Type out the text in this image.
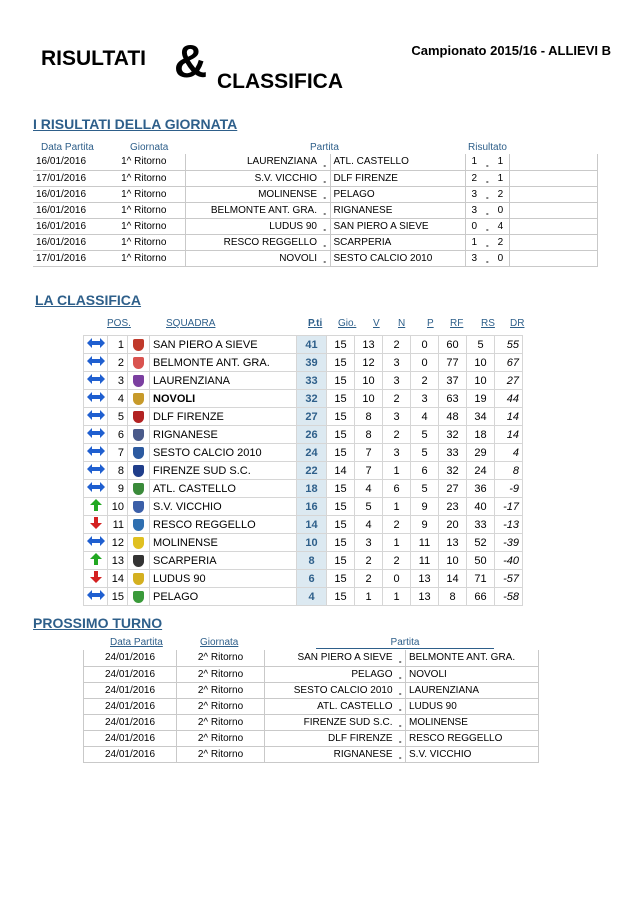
RISULTATI & CLASSIFICA
Campionato 2015/16 - ALLIEVI B
I RISULTATI DELLA GIORNATA
Data Partita	Giornata	Partita	Risultato
16/01/2016	1^ Ritorno	LAURENZIANA	-	ATL. CASTELLO	1	-	1	
17/01/2016	1^ Ritorno	S.V. VICCHIO	-	DLF FIRENZE	2	-	1	
16/01/2016	1^ Ritorno	MOLINENSE	-	PELAGO	3	-	2	
16/01/2016	1^ Ritorno	BELMONTE ANT. GRA.	-	RIGNANESE	3	-	0	
16/01/2016	1^ Ritorno	LUDUS 90	-	SAN PIERO A SIEVE	0	-	4	
16/01/2016	1^ Ritorno	RESCO REGGELLO	-	SCARPERIA	1	-	2	
17/01/2016	1^ Ritorno	NOVOLI	-	SESTO CALCIO 2010	3	-	0	
LA CLASSIFICA
POS.	SQUADRA	P.ti Gio. V N P RF RS DR
	1		SAN PIERO A SIEVE	41	15	13	2	0	60	5	55
	2		BELMONTE ANT. GRA.	39	15	12	3	0	77	10	67
	3		LAURENZIANA	33	15	10	3	2	37	10	27
	4		NOVOLI	32	15	10	2	3	63	19	44
	5		DLF FIRENZE	27	15	8	3	4	48	34	14
	6		RIGNANESE	26	15	8	2	5	32	18	14
	7		SESTO CALCIO 2010	24	15	7	3	5	33	29	4
	8		FIRENZE SUD S.C.	22	14	7	1	6	32	24	8
	9		ATL. CASTELLO	18	15	4	6	5	27	36	-9
	10		S.V. VICCHIO	16	15	5	1	9	23	40	-17
	11		RESCO REGGELLO	14	15	4	2	9	20	33	-13
	12		MOLINENSE	10	15	3	1	11	13	52	-39
	13		SCARPERIA	8	15	2	2	11	10	50	-40
	14		LUDUS 90	6	15	2	0	13	14	71	-57
	15		PELAGO	4	15	1	1	13	8	66	-58
PROSSIMO TURNO
Data Partita	Giornata	Partita
24/01/2016	2^ Ritorno	SAN PIERO A SIEVE	-	BELMONTE ANT. GRA.
24/01/2016	2^ Ritorno	PELAGO	-	NOVOLI
24/01/2016	2^ Ritorno	SESTO CALCIO 2010	-	LAURENZIANA
24/01/2016	2^ Ritorno	ATL. CASTELLO	-	LUDUS 90
24/01/2016	2^ Ritorno	FIRENZE SUD S.C.	-	MOLINENSE
24/01/2016	2^ Ritorno	DLF FIRENZE	-	RESCO REGGELLO
24/01/2016	2^ Ritorno	RIGNANESE	-	S.V. VICCHIO
